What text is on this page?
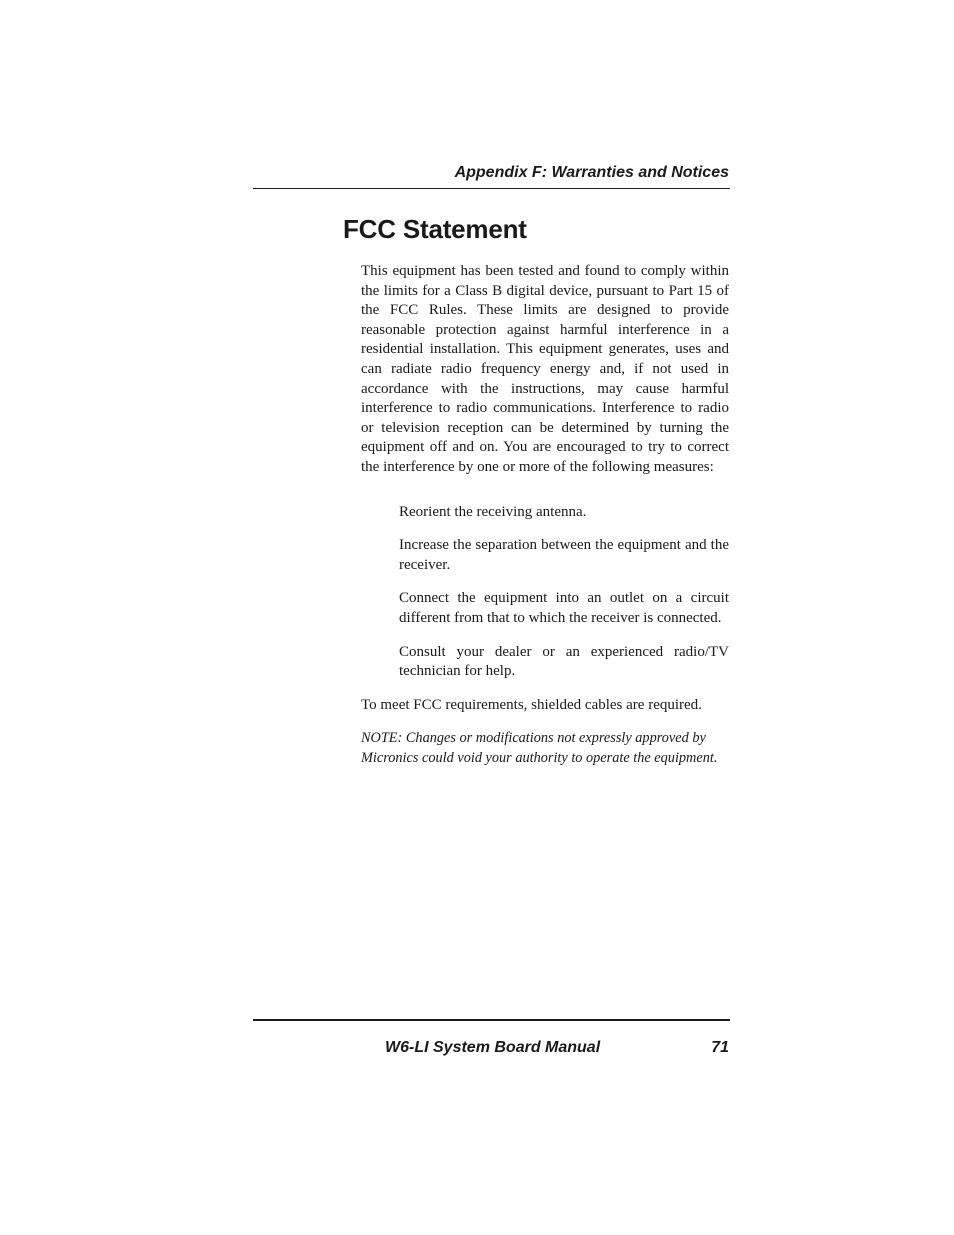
Appendix F: Warranties and Notices
FCC Statement

This equipment has been tested and found to comply within the limits for a Class B digital device, pursuant to Part 15 of the FCC Rules. These limits are designed to provide reasonable protection against harmful interference in a residential installation. This equipment generates, uses and can radiate radio frequency energy and, if not used in accordance with the instructions, may cause harmful interference to radio communications. Interference to radio or television reception can be determined by turning the equipment off and on. You are encouraged to try to correct the interference by one or more of the following measures:

Reorient the receiving antenna.
Increase the separation between the equipment and the receiver.
Connect the equipment into an outlet on a circuit different from that to which the receiver is connected.
Consult your dealer or an experienced radio/TV technician for help.

To meet FCC requirements, shielded cables are required.

NOTE: Changes or modifications not expressly approved by Micronics could void your authority to operate the equipment.

W6-LI System Board Manual	71
